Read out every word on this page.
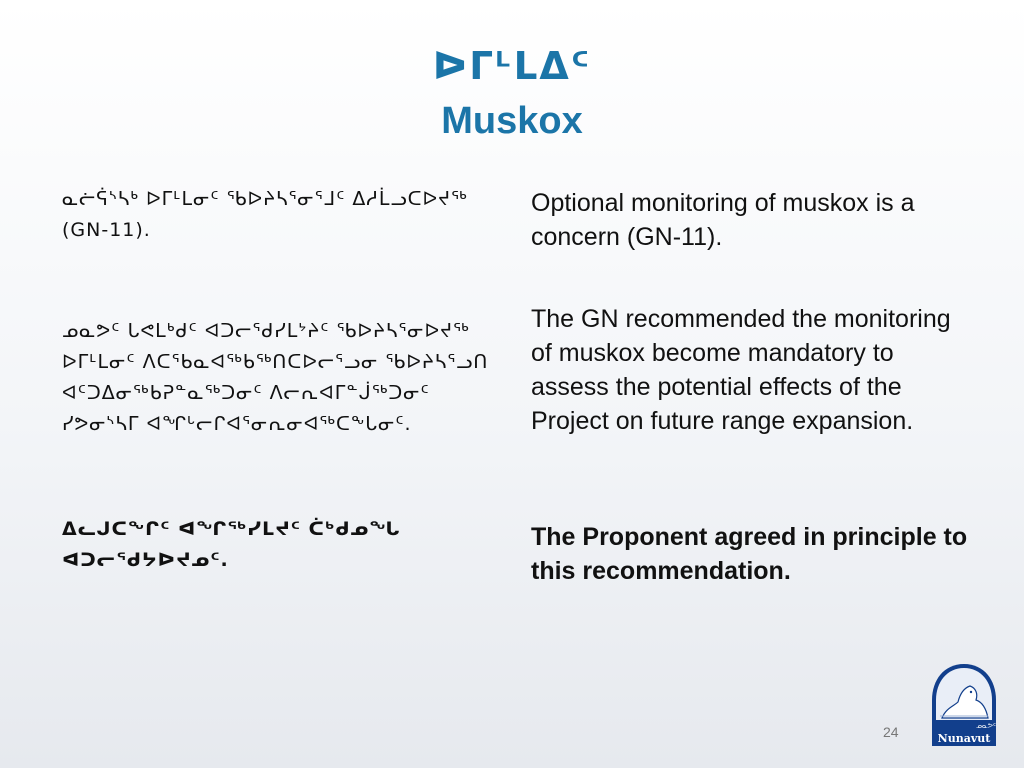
ᐅᒥᒻᒪᐃᑦ
Muskox

ᓇᓖᕌᔅᓴᒃ ᐅᒥᒻᒪᓂᑦ ᖃᐅᔨᓴᕐᓂᕐᒧᑦ ᐃᓱᒫᓗᑕᐅᔪᖅ (GN-11).

ᓄᓇᕗᑦ ᒐᕙᒪᒃᑯᑦ ᐊᑐᓕᕐᑯᓯᒪᔾᔨᑦ ᖃᐅᔨᓴᕐᓂᐅᔪᖅ ᐅᒥᒻᒪᓂᑦ ᐱᑕᕐᑲᓇᐊᖅᑲᖅᑎᑕᐅᓕᕐᓗᓂ ᖃᐅᔨᓴᕐᓗᑎ ᐊᑦᑐᐃᓂᖅᑲᕈᓐᓇᖅᑐᓂᑦ ᐱᓕᕆᐊᒥᓐᒎᖅᑐᓂᑦ ᓯᕗᓂᔅᓴᒥ ᐊᖏᒡᓕᒋᐊᕐᓂᕆᓂᐊᖅᑕᖕᒐᓂᑦ.

ᐃᓚᒍᑕᖕᒋᑦ ᐊᖏᖅᓯᒪᔪᑦ ᑖᒃᑯᓄᖓ ᐊᑐᓕᕐᑯᔭᐅᔪᓄᑦ.

Optional monitoring of muskox is a concern (GN-11).

The GN recommended the monitoring of muskox become mandatory to assess the potential effects of the Project on future range expansion.

The Proponent agreed in principle to this recommendation.

24	ᓄᓇᕗᑦ
Nunavut
